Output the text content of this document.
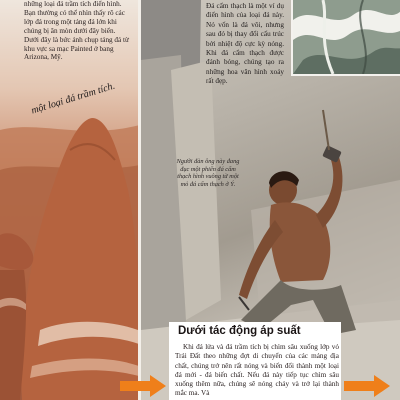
những loại đá trầm tích điển hình. Bạn thường có thể nhìn thấy rõ các lớp đá trong một tảng đá lớn khi chúng bị ăn mòn dưới đây biển. Dưới đây là bức ảnh chụp tảng đá từ khu vực sa mạc Painted ở bang Arizona, Mỹ.
một loại đá trầm tích.
Đá cẩm thạch là một ví dụ điển hình của loại đá này. Nó vốn là đá vôi, nhưng sau đó bị thay đổi cấu trúc bởi nhiệt độ cực kỳ nóng. Khi đá cẩm thạch được đánh bóng, chúng tạo ra những hoa văn hình xoáy rất đẹp.
Người đàn ông này đang đục một phiến đá cẩm thạch hình vuông từ một mỏ đá cẩm thạch ở Ý.
Dưới tác động áp suất
Khi đá lửa và đá trầm tích bị chìm sâu xuống lớp vỏ Trái Đất theo những đợt di chuyển của các mảng địa chất, chúng trở nên rất nóng và biến đổi thành một loại đá mới - đá biến chất. Nếu đá này tiếp tục chìm sâu xuống thêm nữa, chúng sẽ nóng chảy và trở lại thành mắc ma. Và
